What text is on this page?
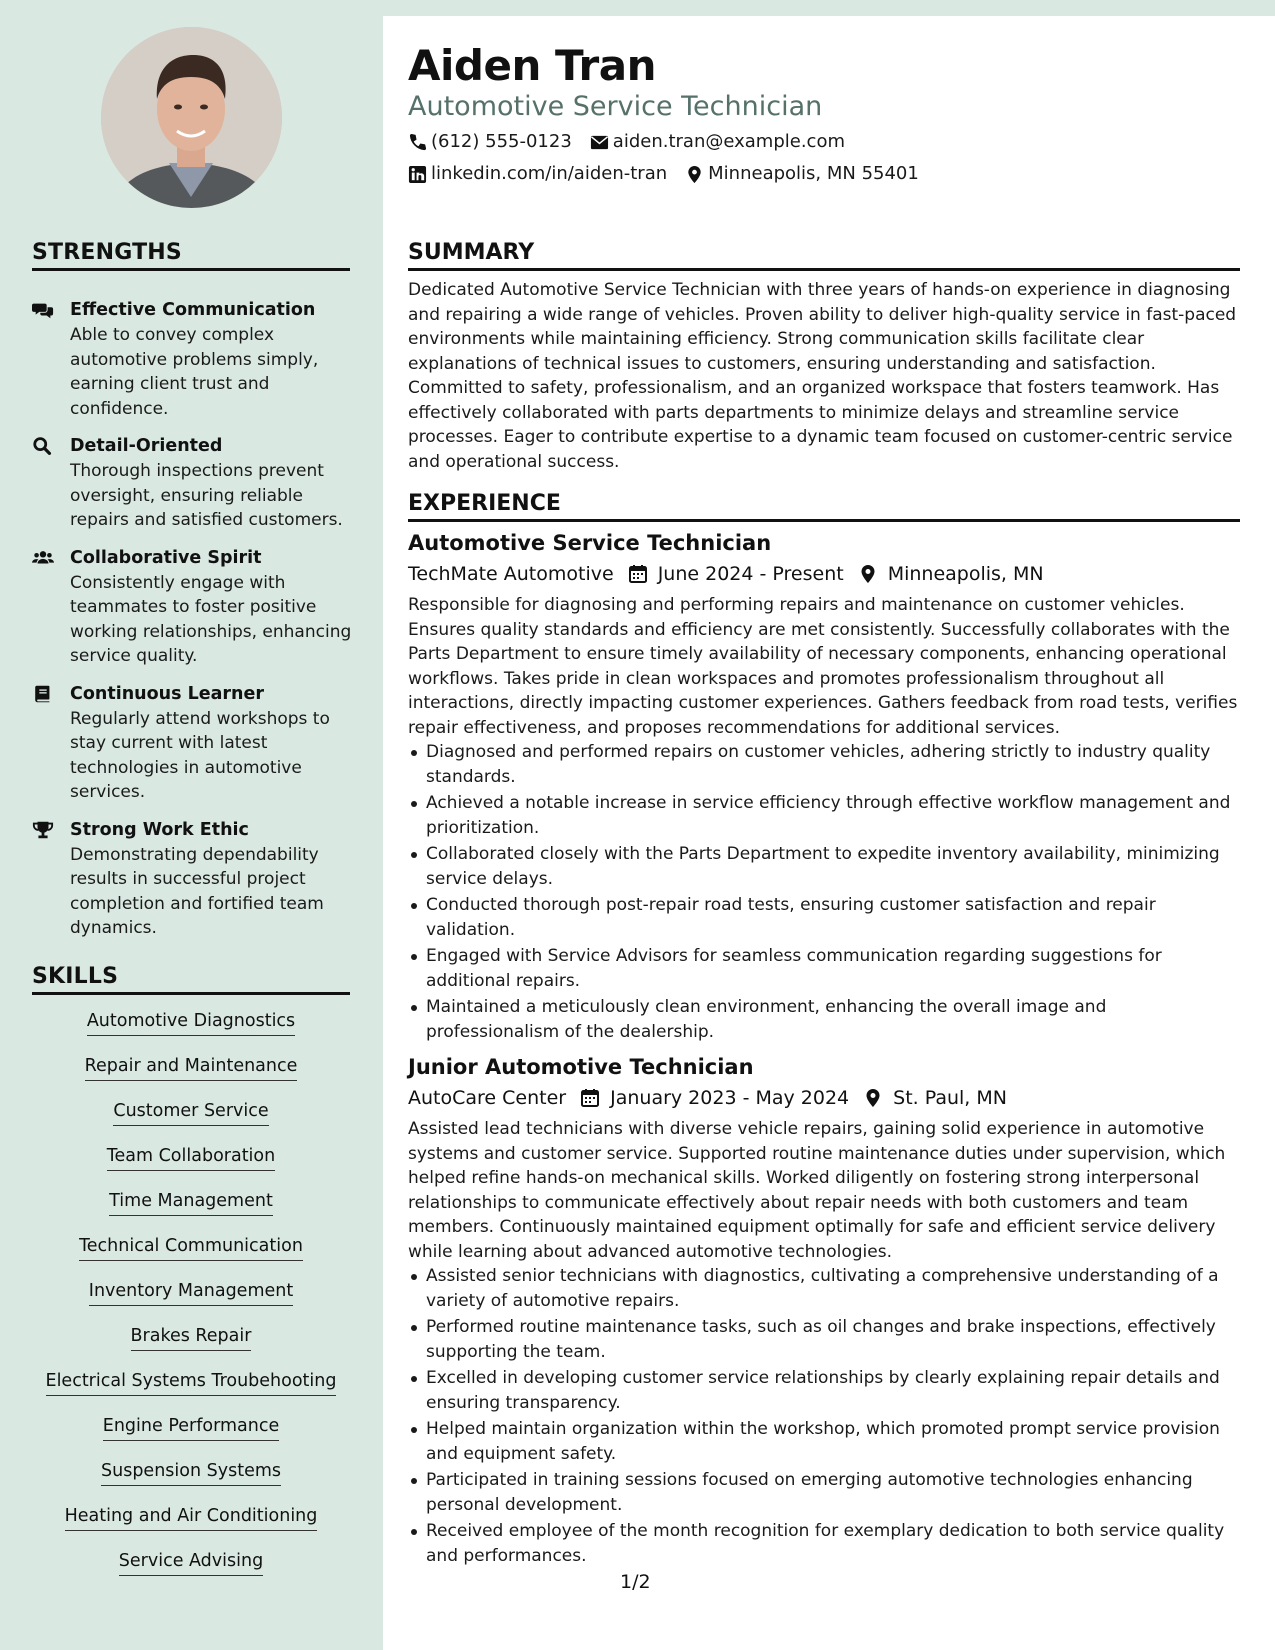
STRENGTHS
Effective Communication
Able to convey complex automotive problems simply, earning client trust and confidence.
Detail-Oriented
Thorough inspections prevent oversight, ensuring reliable repairs and satisfied customers.
Collaborative Spirit
Consistently engage with teammates to foster positive working relationships, enhancing service quality.
Continuous Learner
Regularly attend workshops to stay current with latest technologies in automotive services.
Strong Work Ethic
Demonstrating dependability results in successful project completion and fortified team dynamics.
SKILLS
Automotive Diagnostics
Repair and Maintenance
Customer Service
Team Collaboration
Time Management
Technical Communication
Inventory Management
Brakes Repair
Electrical Systems Troubehooting
Engine Performance
Suspension Systems
Heating and Air Conditioning
Service Advising
Aiden Tran
Automotive Service Technician
(612) 555-0123 aiden.tran@example.com
linkedin.com/in/aiden-tran Minneapolis, MN 55401
SUMMARY
Dedicated Automotive Service Technician with three years of hands-on experience in diagnosing and repairing a wide range of vehicles. Proven ability to deliver high-quality service in fast-paced environments while maintaining efficiency. Strong communication skills facilitate clear explanations of technical issues to customers, ensuring understanding and satisfaction. Committed to safety, professionalism, and an organized workspace that fosters teamwork. Has effectively collaborated with parts departments to minimize delays and streamline service processes. Eager to contribute expertise to a dynamic team focused on customer-centric service and operational success.
EXPERIENCE
Automotive Service Technician
TechMate Automotive June 2024 - Present Minneapolis, MN
Responsible for diagnosing and performing repairs and maintenance on customer vehicles. Ensures quality standards and efficiency are met consistently. Successfully collaborates with the Parts Department to ensure timely availability of necessary components, enhancing operational workflows. Takes pride in clean workspaces and promotes professionalism throughout all interactions, directly impacting customer experiences. Gathers feedback from road tests, verifies repair effectiveness, and proposes recommendations for additional services.
Diagnosed and performed repairs on customer vehicles, adhering strictly to industry quality standards.
Achieved a notable increase in service efficiency through effective workflow management and prioritization.
Collaborated closely with the Parts Department to expedite inventory availability, minimizing service delays.
Conducted thorough post-repair road tests, ensuring customer satisfaction and repair validation.
Engaged with Service Advisors for seamless communication regarding suggestions for additional repairs.
Maintained a meticulously clean environment, enhancing the overall image and professionalism of the dealership.
Junior Automotive Technician
AutoCare Center January 2023 - May 2024 St. Paul, MN
Assisted lead technicians with diverse vehicle repairs, gaining solid experience in automotive systems and customer service. Supported routine maintenance duties under supervision, which helped refine hands-on mechanical skills. Worked diligently on fostering strong interpersonal relationships to communicate effectively about repair needs with both customers and team members. Continuously maintained equipment optimally for safe and efficient service delivery while learning about advanced automotive technologies.
Assisted senior technicians with diagnostics, cultivating a comprehensive understanding of a variety of automotive repairs.
Performed routine maintenance tasks, such as oil changes and brake inspections, effectively supporting the team.
Excelled in developing customer service relationships by clearly explaining repair details and ensuring transparency.
Helped maintain organization within the workshop, which promoted prompt service provision and equipment safety.
Participated in training sessions focused on emerging automotive technologies enhancing personal development.
Received employee of the month recognition for exemplary dedication to both service quality and performances.
1/2
